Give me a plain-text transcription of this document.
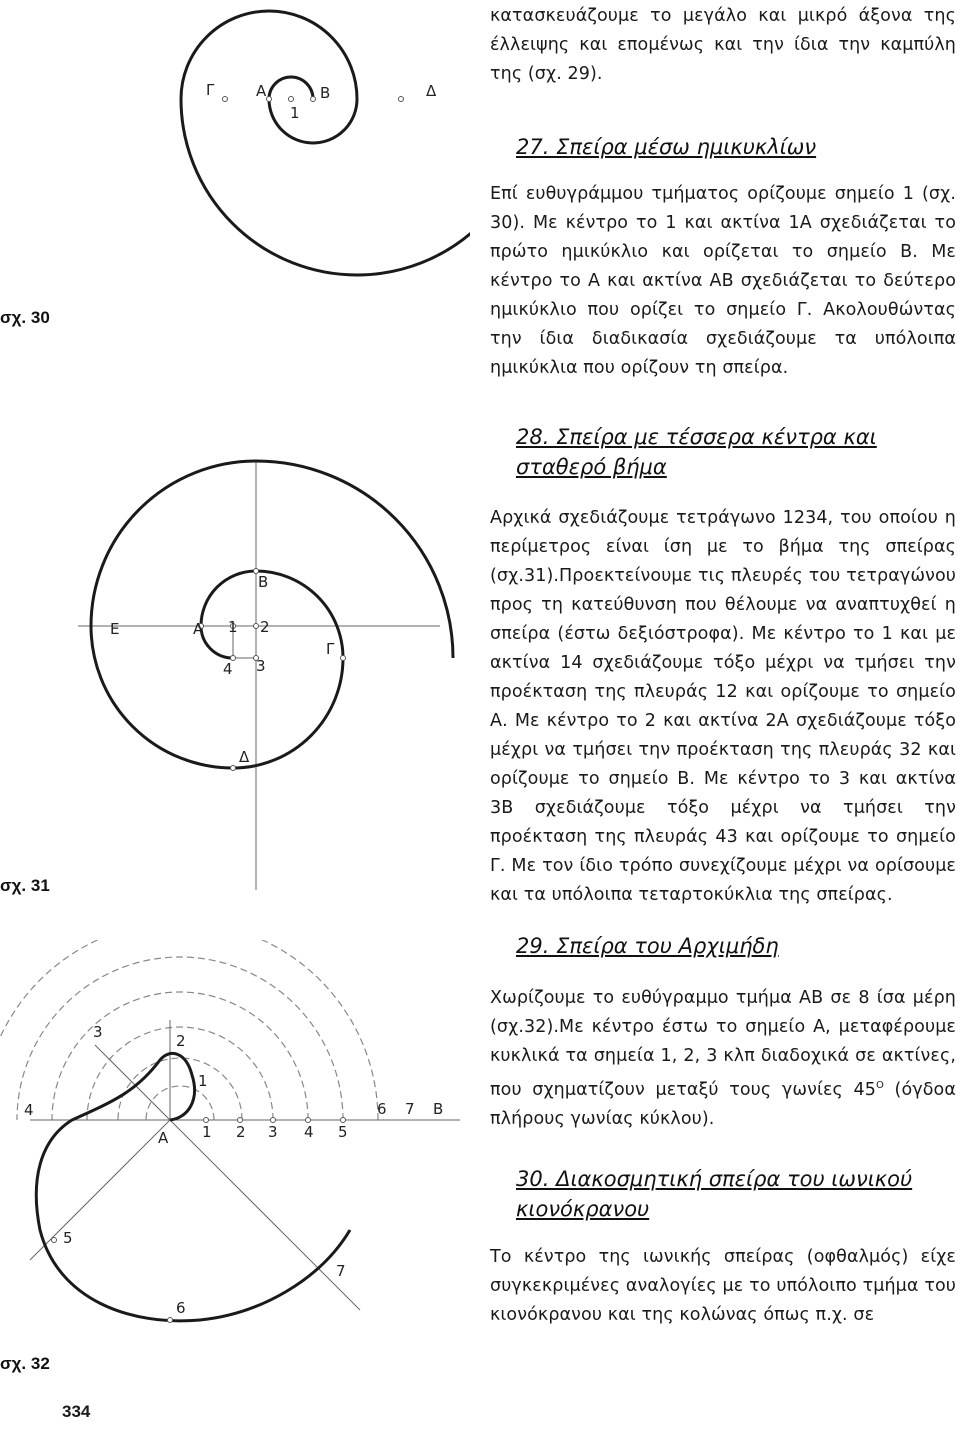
Γ	Α	Β	Δ
1
σχ. 30

κατασκευάζουμε το μεγάλο και μικρό άξονα της έλλειψης και επομένως και την ίδια την καμπύλη της (σχ. 29).

27. Σπείρα μέσω ημικυκλίων

Επί ευθυγράμμου τμήματος ορίζουμε σημείο 1 (σχ. 30). Με κέντρο το 1 και ακτίνα 1Α σχεδιάζεται το πρώτο ημικύκλιο και ορίζεται το σημείο Β. Με κέντρο το Α και ακτίνα ΑΒ σχεδιάζεται το δεύτερο ημικύκλιο που ορίζει το σημείο Γ. Ακολουθώντας την ίδια διαδικασία σχεδιάζουμε τα υπόλοιπα ημικύκλια που ορίζουν τη σπείρα.

28. Σπείρα με τέσσερα κέντρα και
σταθερό βήμα

Αρχικά σχεδιάζουμε τετράγωνο 1234, του οποίου η περίμετρος είναι ίση με το βήμα της σπείρας (σχ.31).Προεκτείνουμε τις πλευρές του τετραγώνου προς τη κατεύθυνση που θέλουμε να αναπτυχθεί η σπείρα (έστω δεξιόστροφα). Με κέντρο το 1 και με ακτίνα 14 σχεδιάζουμε τόξο μέχρι να τμήσει την προέκταση της πλευράς 12 και ορίζουμε το σημείο Α. Με κέντρο το 2 και ακτίνα 2Α σχεδιάζουμε τόξο μέχρι να τμήσει την προέκταση της πλευράς 32 και ορίζουμε το σημείο Β. Με κέντρο το 3 και ακτίνα 3Β σχεδιάζουμε τόξο μέχρι να τμήσει την προέκταση της πλευράς 43 και ορίζουμε το σημείο Γ. Με τον ίδιο τρόπο συνεχίζουμε μέχρι να ορίσουμε και τα υπόλοιπα τεταρτοκύκλια της σπείρας.

Ε	Α 1 2
Β
4 3
Γ
Δ
σχ. 31
29. Σπείρα του Αρχιμήδη

Χωρίζουμε το ευθύγραμμο τμήμα ΑΒ σε 8 ίσα μέρη (σχ.32).Με κέντρο έστω το σημείο Α, μεταφέρουμε κυκλικά τα σημεία 1, 2, 3 κλπ διαδοχικά σε ακτίνες, που σχηματίζουν μεταξύ τους γωνίες $45^O$ (όγδοα πλήρους γωνίας κύκλου).

30. Διακοσμητική σπείρα του ιωνικού
κιονόκρανου

Το κέντρο της ιωνικής σπείρας (οφθαλμός) είχε συγκεκριμένες αναλογίες με το υπόλοιπο τμήμα του κιονόκρανου και της κολώνας όπως π.χ. σε

3	2
1
4
Α 1 2 3 4 5
6 7 Β
5
6
7
σχ. 32
334
